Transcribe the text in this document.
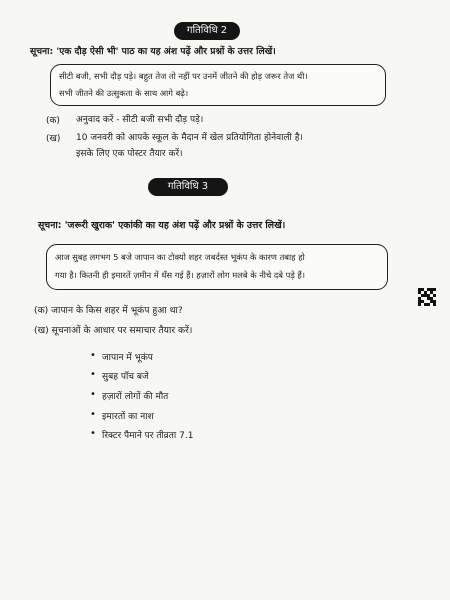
गतिविधि 2
सूचना: 'एक दौड़ ऐसी भी' पाठ का यह अंश पढ़ें और प्रश्नों के उत्तर लिखें।
सीटी बजी, सभी दौड़ पड़े। बहुत तेज तो नहीं पर उनमें जीतने की होड़ जरूर तेज थी।
सभी जीतने की उत्सुकता के साथ आगे बढ़े।
(क) अनुवाद करें - सीटी बजी सभी दौड़ पड़े।
(ख) 10 जनवरी को आपके स्कूल के मैदान में खेल प्रतियोगिता होनेवाली है।
इसके लिए एक पोस्टर तैयार करें।
गतिविधि 3
सूचना: 'जरूरी खुराक' एकांकी का यह अंश पढ़ें और प्रश्नों के उत्तर लिखें।
आज सुबह लगभग 5 बजे जापान का टोक्यो शहर जबर्दस्त भूकंप के कारण तबाह हो
गया है। कितनी ही इमारतें ज़मीन में धँस गई हैं। हज़ारों लोग मलबे के नीचे दबे पड़े हैं।
(क) जापान के किस शहर में भूकंप हुआ था?
(ख) सूचनाओं के आधार पर समाचार तैयार करें।
• जापान में भूकंप
• सुबह पाँच बजे
• हज़ारों लोगों की मौत
• इमारतों का नाश
• रिक्टर पैमाने पर तीव्रता 7.1
